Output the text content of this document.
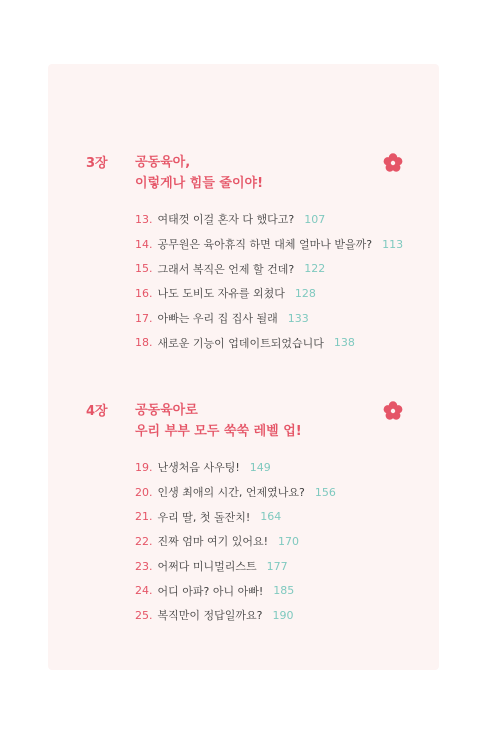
3장 공동육아,
이렇게나 힘들 줄이야!
13. 여태껏 이걸 혼자 다 했다고? 107
14. 공무원은 육아휴직 하면 대체 얼마나 받을까? 113
15. 그래서 복직은 언제 할 건데? 122
16. 나도 도비도 자유를 외쳤다 128
17. 아빠는 우리 집 집사 될래 133
18. 새로운 기능이 업데이트되었습니다 138
4장 공동육아로
우리 부부 모두 쑥쑥 레벨 업!
19. 난생처음 사우팅! 149
20. 인생 최애의 시간, 언제였나요? 156
21. 우리 딸, 첫 돌잔치! 164
22. 진짜 엄마 여기 있어요! 170
23. 어쩌다 미니멀리스트 177
24. 어디 아파? 아니 아빠! 185
25. 복직만이 정답일까요? 190
